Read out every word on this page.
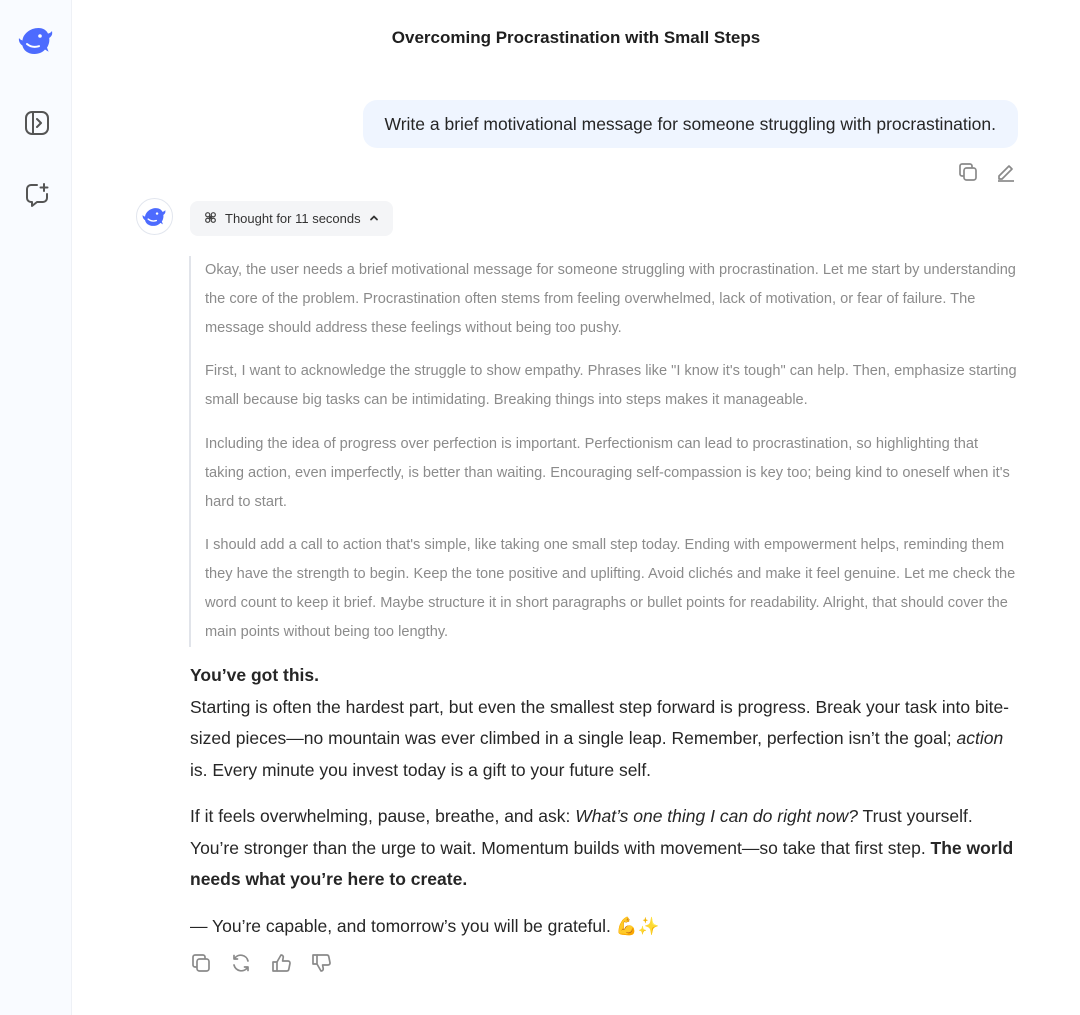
Overcoming Procrastination with Small Steps
Write a brief motivational message for someone struggling with procrastination.
Thought for 11 seconds

Okay, the user needs a brief motivational message for someone struggling with procrastination. Let me start by understanding the core of the problem. Procrastination often stems from feeling overwhelmed, lack of motivation, or fear of failure. The message should address these feelings without being too pushy.

First, I want to acknowledge the struggle to show empathy. Phrases like "I know it's tough" can help. Then, emphasize starting small because big tasks can be intimidating. Breaking things into steps makes it manageable.

Including the idea of progress over perfection is important. Perfectionism can lead to procrastination, so highlighting that taking action, even imperfectly, is better than waiting. Encouraging self-compassion is key too; being kind to oneself when it's hard to start.

I should add a call to action that's simple, like taking one small step today. Ending with empowerment helps, reminding them they have the strength to begin. Keep the tone positive and uplifting. Avoid clichés and make it feel genuine. Let me check the word count to keep it brief. Maybe structure it in short paragraphs or bullet points for readability. Alright, that should cover the main points without being too lengthy.

You’ve got this.

Starting is often the hardest part, but even the smallest step forward is progress. Break your task into bite-sized pieces—no mountain was ever climbed in a single leap. Remember, perfection isn’t the goal; action is. Every minute you invest today is a gift to your future self.

If it feels overwhelming, pause, breathe, and ask: What’s one thing I can do right now? Trust yourself. You’re stronger than the urge to wait. Momentum builds with movement—so take that first step. The world needs what you’re here to create.

— You’re capable, and tomorrow’s you will be grateful. 💪✨
